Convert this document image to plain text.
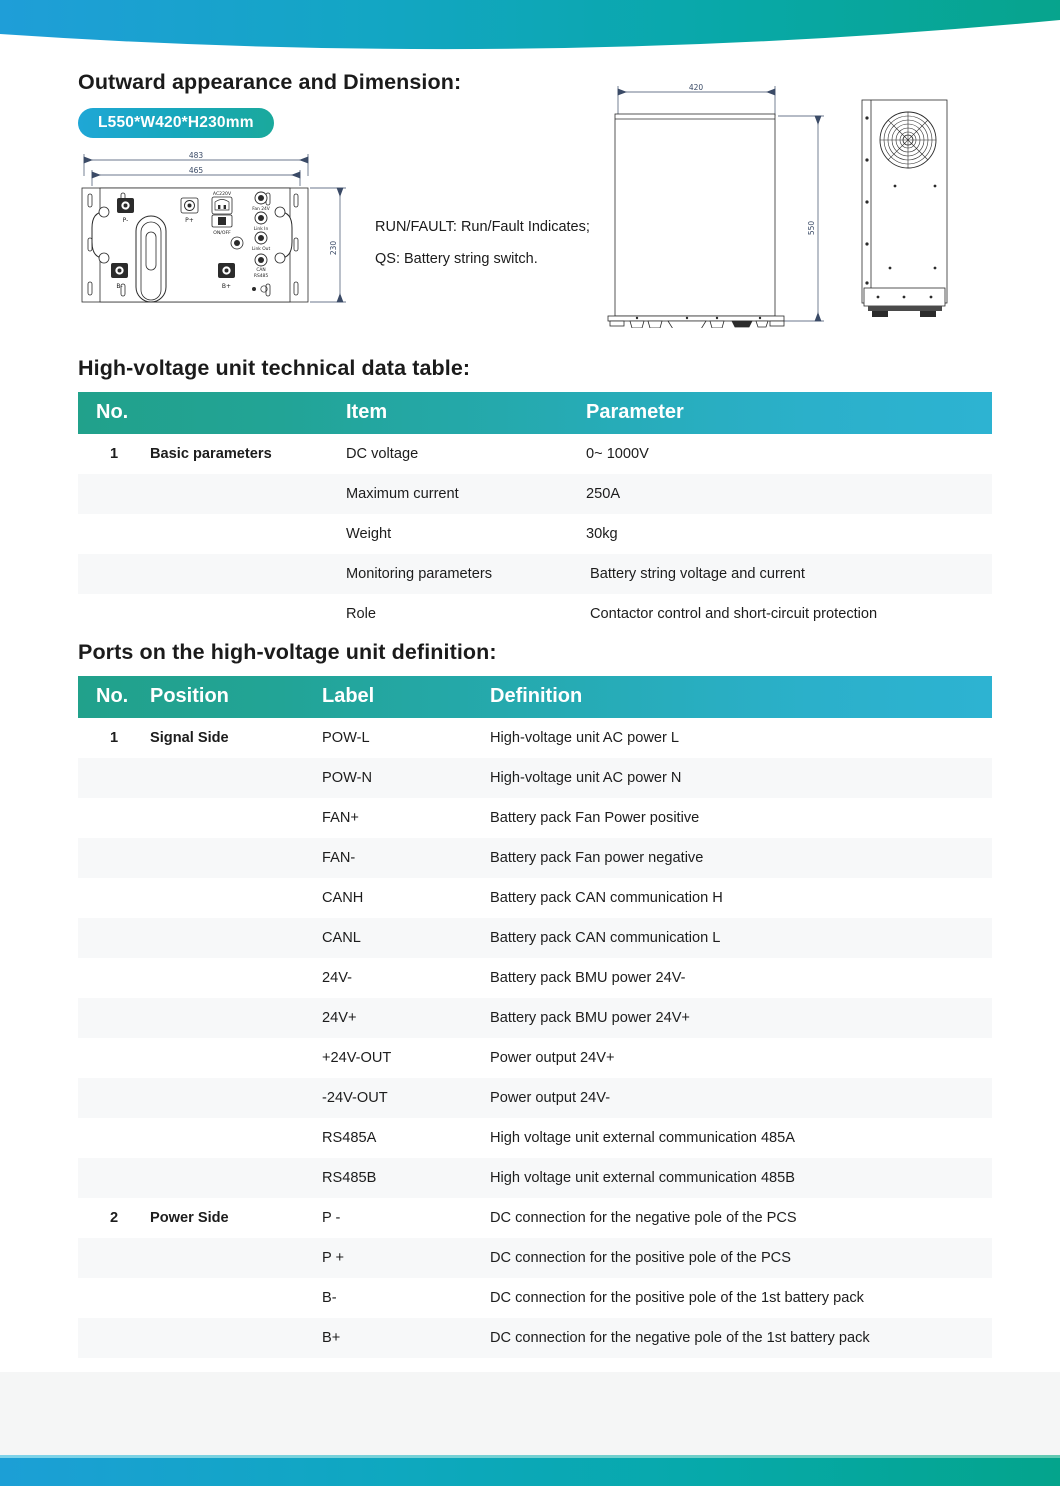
Outward appearance and Dimension:
L550*W420*H230mm
483
465
230
P-	P+
B-	B+
AC220V
ON/OFF
Fan 24V
Link In
Link Out
CAN
RS485
RUN/FAULT: Run/Fault Indicates;
QS: Battery string switch.
420
550
High-voltage unit technical data table:
No.		Item	Parameter
1	Basic parameters	DC voltage	0~ 1000V
		Maximum current	250A
		Weight	30kg
		Monitoring parameters	Battery string voltage and current
		Role	Contactor control and short-circuit protection
Ports on the high-voltage unit definition:
No.	Position	Label	Definition
1	Signal Side	POW-L	High-voltage unit AC power L
		POW-N	High-voltage unit AC power N
		FAN+	Battery pack Fan Power positive
		FAN-	Battery pack Fan power negative
		CANH	Battery pack CAN communication H
		CANL	Battery pack CAN communication L
		24V-	Battery pack BMU power 24V-
		24V+	Battery pack BMU power 24V+
		+24V-OUT	Power output 24V+
		-24V-OUT	Power output 24V-
		RS485A	High voltage unit external communication 485A
		RS485B	High voltage unit external communication 485B
2	Power Side	P -	DC connection for the negative pole of the PCS
		P +	DC connection for the positive pole of the PCS
		B-	DC connection for the positive pole of the 1st battery pack
		B+	DC connection for the negative pole of the 1st battery pack
